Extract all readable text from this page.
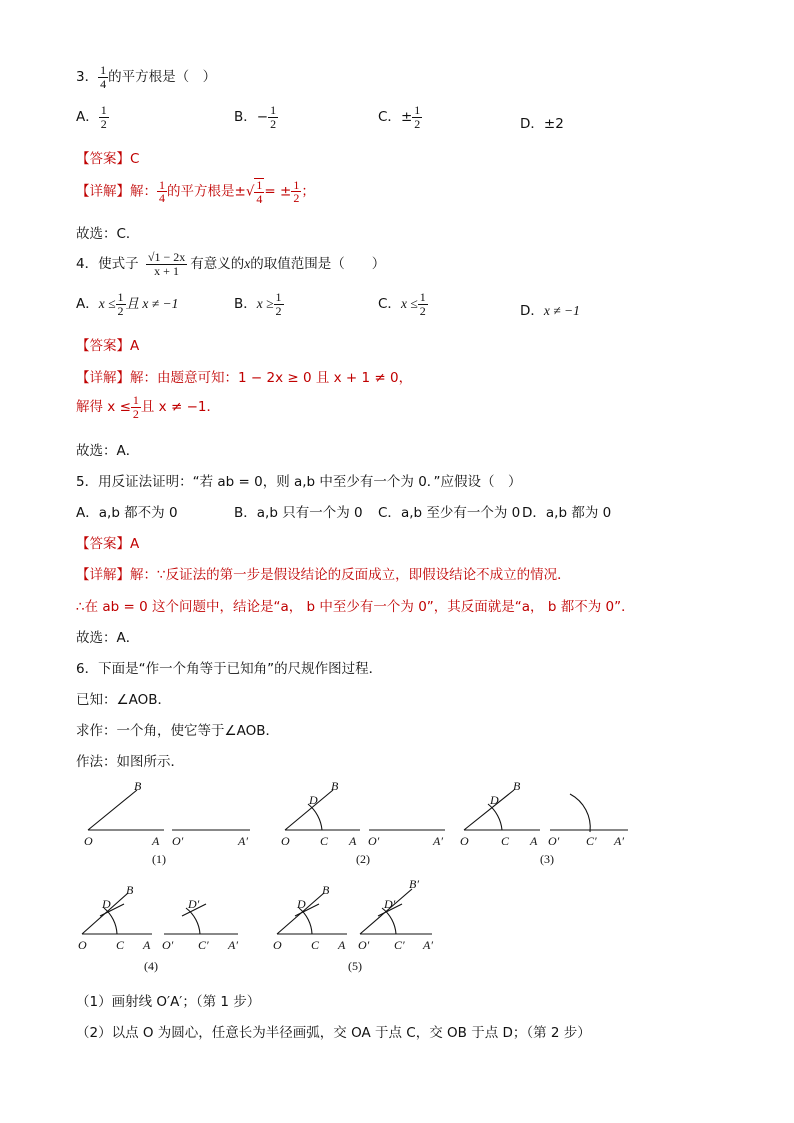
3． $\frac{1}{4}$ 的平方根是（　）
A． $\frac{1}{2}$	B．− $\frac{1}{2}$	C．± $\frac{1}{2}$	D．±2
【答案】C
【详解】解： $\frac{1}{4}$ 的平方根是±√ $\frac{1}{4}$ = ± $\frac{1}{2}$ ；
故选：C．
4．使式子 $\frac{√1 - 2x}{x + 1}$ 有意义的x的取值范围是（　　）
A．$x \le \frac{1}{2}$ 且 x ≠ −1	B．$x \ge \frac{1}{2}$	C．$x \le \frac{1}{2}$	D．x ≠ −1
【答案】A
【详解】解：由题意可知：1 − 2x ≥ 0 且 x + 1 ≠ 0，
解得 $x \le \frac{1}{2}$ 且 x ≠ −1．
故选：A．
5．用反证法证明：“若 ab = 0，则 a,b 中至少有一个为 0．”应假设（　）
A．a,b 都不为 0	B．a,b 只有一个为 0 C．a,b 至少有一个为 0 D．a,b 都为 0
【答案】A
【详解】解：∵反证法的第一步是假设结论的反面成立，即假设结论不成立的情况．
∴在 ab = 0 这个问题中，结论是“a， b 中至少有一个为 0”，其反面就是“a， b 都不为 0”．
故选：A．
6．下面是“作一个角等于已知角”的尺规作图过程．
已知：∠AOB．
求作：一个角，使它等于∠AOB．
作法：如图所示．
B
O	A O′	A′
(1)
B
D
O	C A O′	A′
(2)
B
D
O	C A O′ C′ A′
(3)
B
D
O C A
D′
O′ C′ A′
(4)
B
D
O C A
B′
D′
O′ C′ A′
(5)
（1）画射线 O′A′；（第 1 步）
（2）以点 O 为圆心，任意长为半径画弧，交 OA 于点 C，交 OB 于点 D；（第 2 步）
